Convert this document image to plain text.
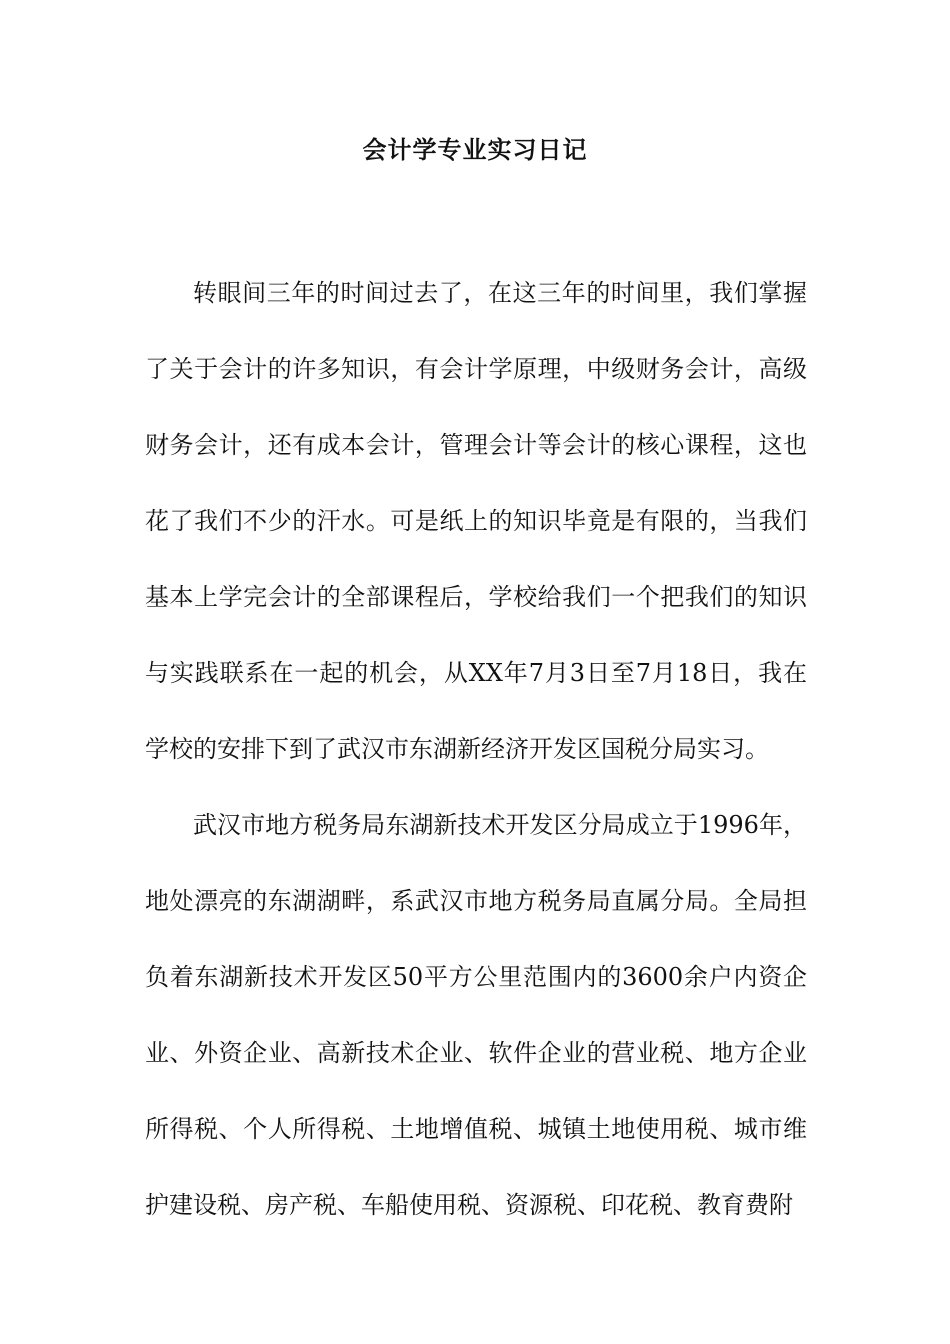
会计学专业实习日记

转眼间三年的时间过去了，在这三年的时间里，我们掌握了关于会计的许多知识，有会计学原理，中级财务会计，高级财务会计，还有成本会计，管理会计等会计的核心课程，这也花了我们不少的汗水。可是纸上的知识毕竟是有限的，当我们基本上学完会计的全部课程后，学校给我们一个把我们的知识与实践联系在一起的机会，从XX年7月3日至7月18日，我在学校的安排下到了武汉市东湖新经济开发区国税分局实习。

武汉市地方税务局东湖新技术开发区分局成立于1996年，地处漂亮的东湖湖畔，系武汉市地方税务局直属分局。全局担负着东湖新技术开发区50平方公里范围内的3600余户内资企业、外资企业、高新技术企业、软件企业的营业税、地方企业所得税、个人所得税、土地增值税、城镇土地使用税、城市维护建设税、房产税、车船使用税、资源税、印花税、教育费附
